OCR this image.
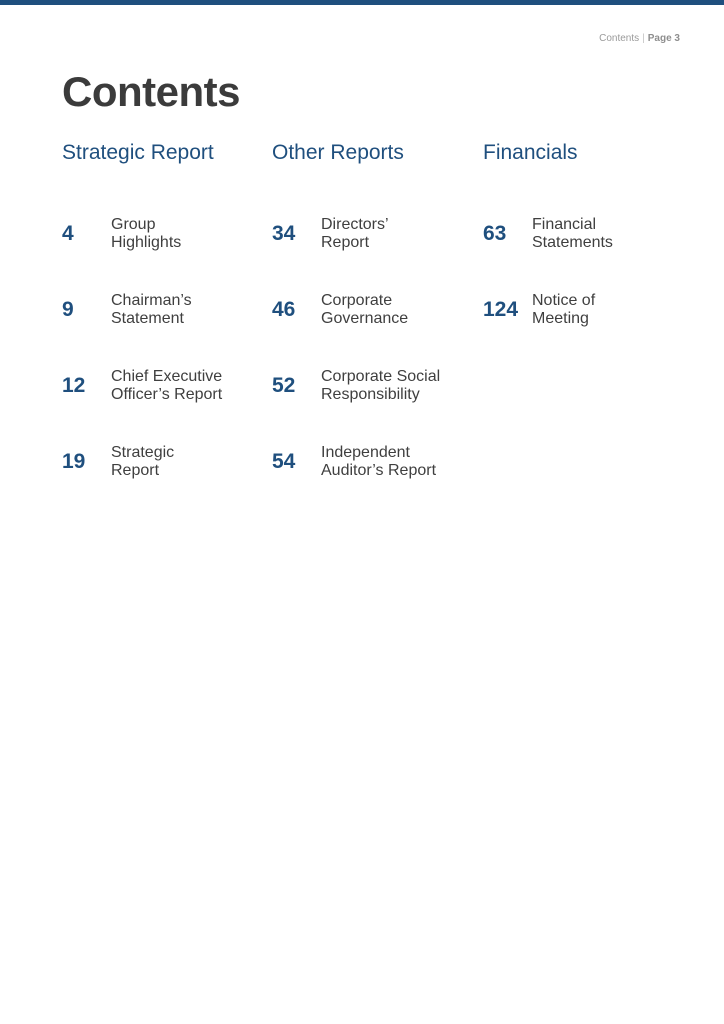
Contents | Page 3
Contents
Strategic Report
4 Group
Highlights
9 Chairman’s
Statement
12 Chief Executive
Officer’s Report
19 Strategic
Report
Other Reports
34 Directors’
Report
46 Corporate
Governance
52 Corporate Social
Responsibility
54 Independent
Auditor’s Report
Financials
63 Financial
Statements
124 Notice of
Meeting
